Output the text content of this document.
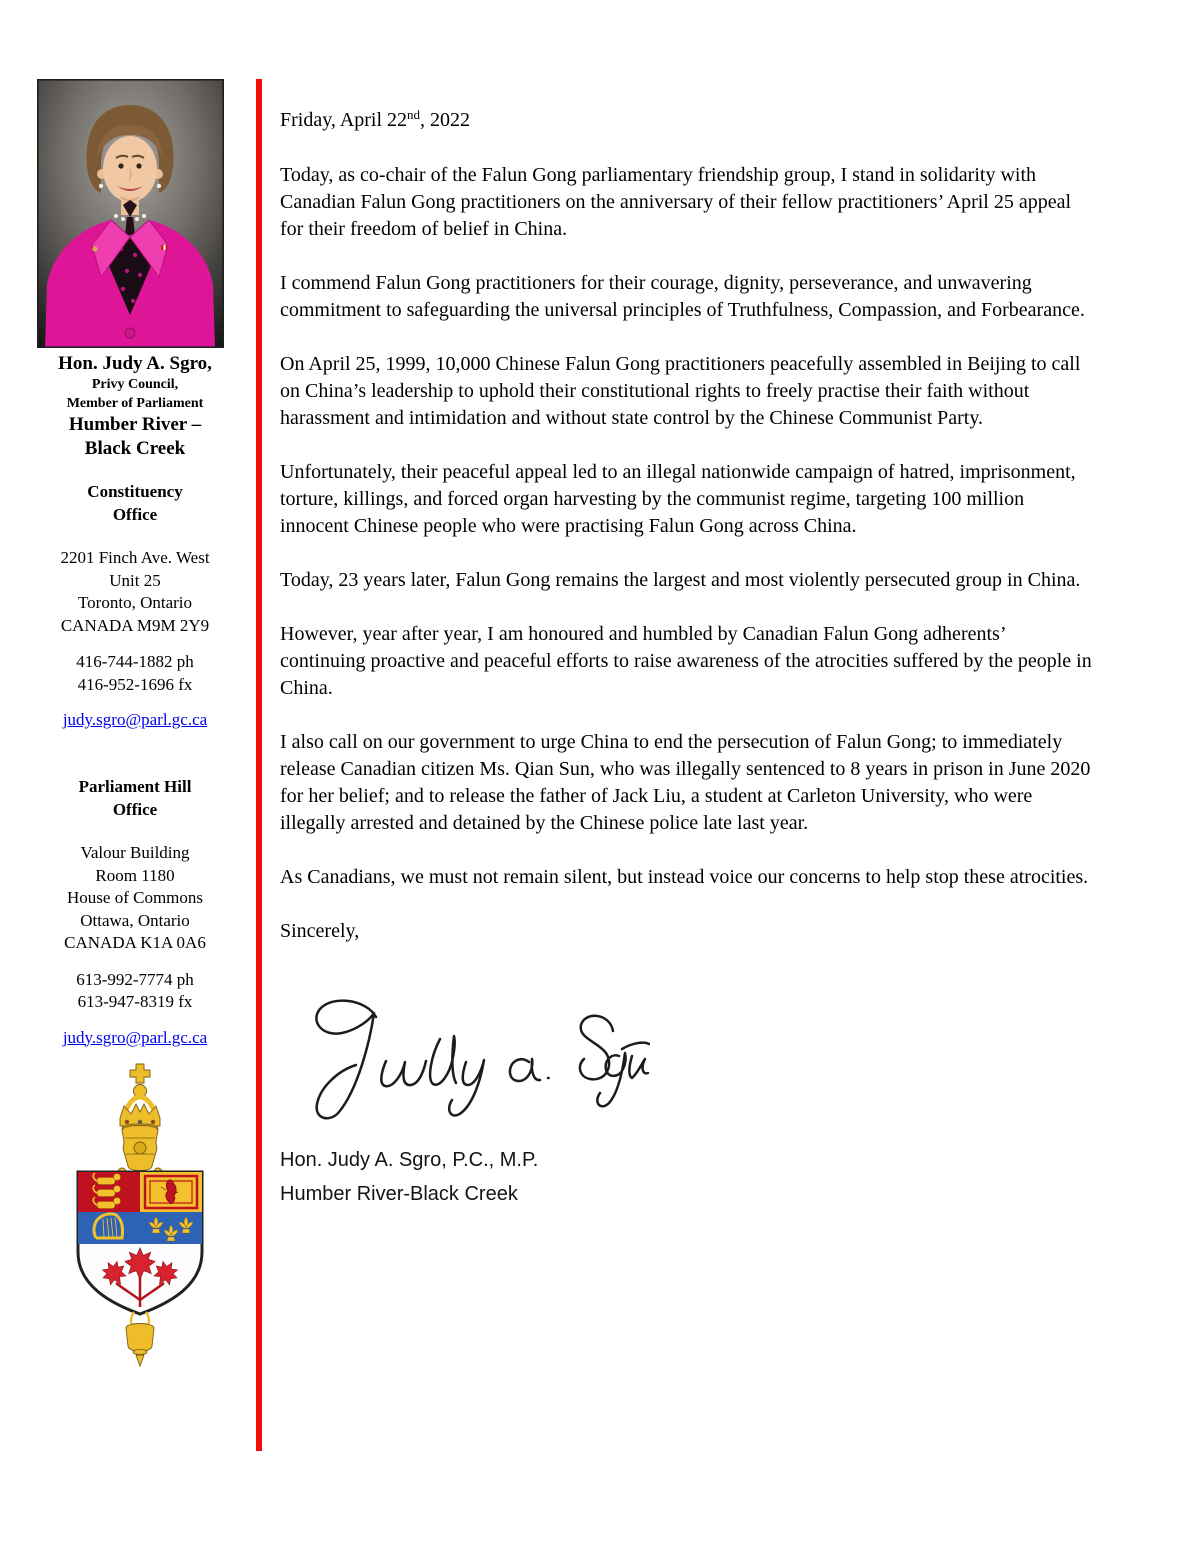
Hon. Judy A. Sgro,
Privy Council,
Member of Parliament
Humber River –
Black Creek
Constituency
Office
2201 Finch Ave. West
Unit 25
Toronto, Ontario
CANADA M9M 2Y9
416-744-1882 ph
416-952-1696 fx
judy.sgro@parl.gc.ca
Parliament Hill
Office
Valour Building
Room 1180
House of Commons
Ottawa, Ontario
CANADA K1A 0A6
613-992-7774 ph
613-947-8319 fx
judy.sgro@parl.gc.ca

Friday, April 22nd, 2022

Today, as co-chair of the Falun Gong parliamentary friendship group, I stand in solidarity with Canadian Falun Gong practitioners on the anniversary of their fellow practitioners’ April 25 appeal for their freedom of belief in China.

I commend Falun Gong practitioners for their courage, dignity, perseverance, and unwavering commitment to safeguarding the universal principles of Truthfulness, Compassion, and Forbearance.

On April 25, 1999, 10,000 Chinese Falun Gong practitioners peacefully assembled in Beijing to call on China’s leadership to uphold their constitutional rights to freely practise their faith without harassment and intimidation and without state control by the Chinese Communist Party.

Unfortunately, their peaceful appeal led to an illegal nationwide campaign of hatred, imprisonment, torture, killings, and forced organ harvesting by the communist regime, targeting 100 million innocent Chinese people who were practising Falun Gong across China.

Today, 23 years later, Falun Gong remains the largest and most violently persecuted group in China.

However, year after year, I am honoured and humbled by Canadian Falun Gong adherents’ continuing proactive and peaceful efforts to raise awareness of the atrocities suffered by the people in China.

I also call on our government to urge China to end the persecution of Falun Gong; to immediately release Canadian citizen Ms. Qian Sun, who was illegally sentenced to 8 years in prison in June 2020 for her belief; and to release the father of Jack Liu, a student at Carleton University, who were illegally arrested and detained by the Chinese police late last year.

As Canadians, we must not remain silent, but instead voice our concerns to help stop these atrocities.

Sincerely,

Hon. Judy A. Sgro, P.C., M.P.
Humber River-Black Creek
